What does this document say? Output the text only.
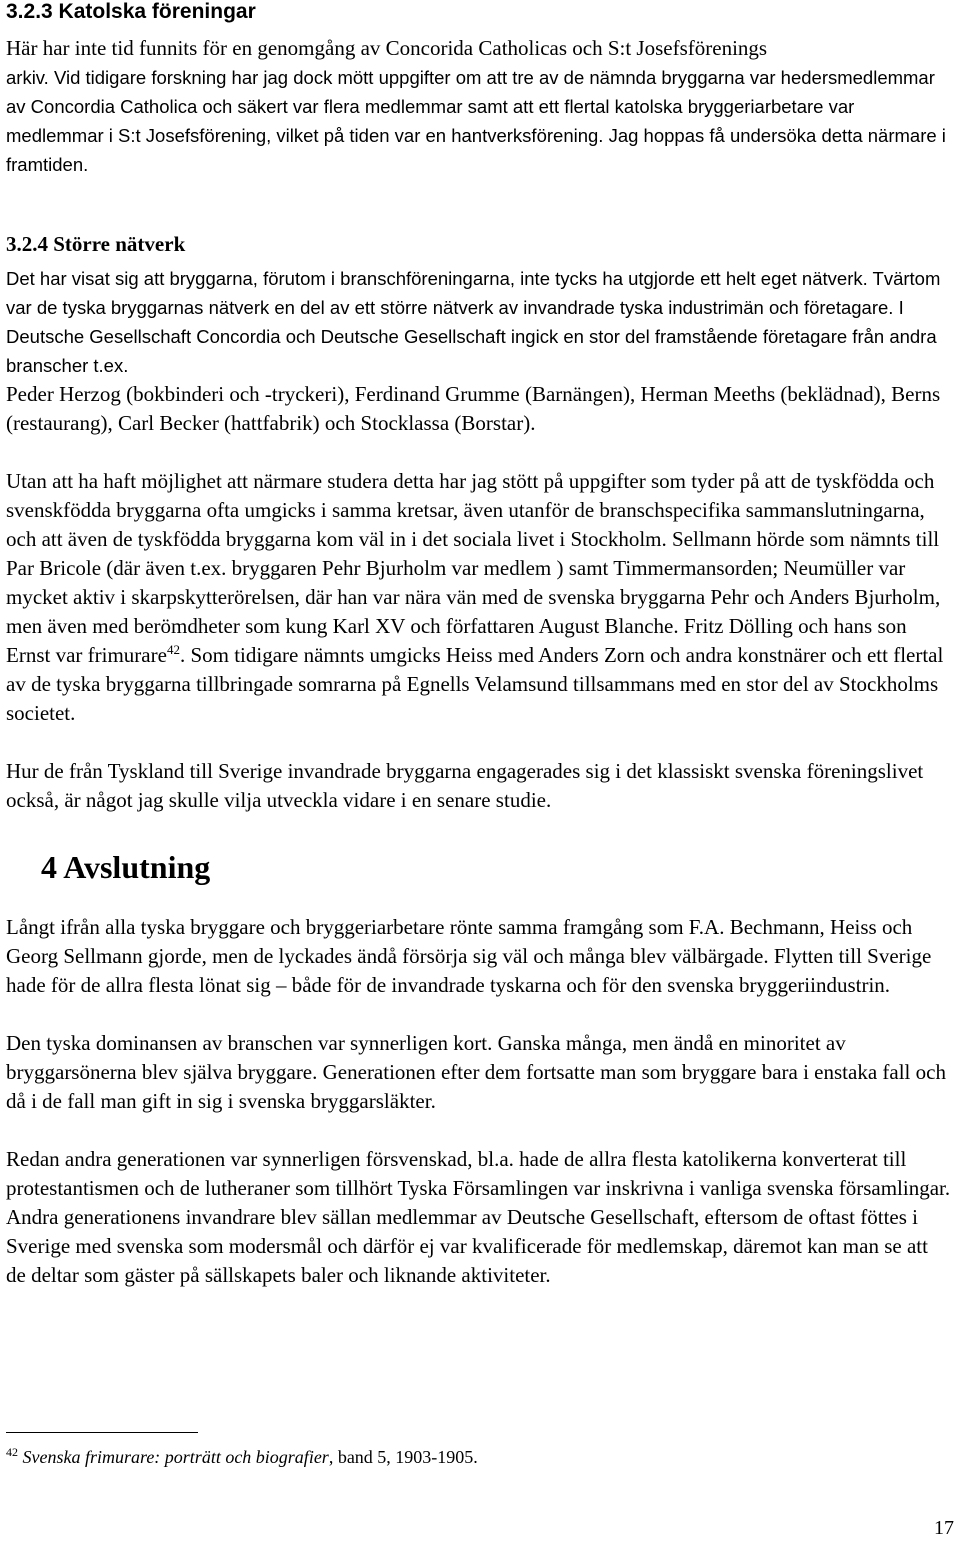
3.2.3 Katolska föreningar

Här har inte tid funnits för en genomgång av Concorida Catholicas och S:t Josefsförenings

arkiv. Vid tidigare forskning har jag dock mött uppgifter om att tre av de nämnda bryggarna var hedersmedlemmar av Concordia Catholica och säkert var flera medlemmar samt att ett flertal katolska bryggeriarbetare var medlemmar i S:t Josefsförening, vilket på tiden var en hantverksförening. Jag hoppas få undersöka detta närmare i framtiden.

3.2.4 Större nätverk

Det har visat sig att bryggarna, förutom i branschföreningarna, inte tycks ha utgjorde ett helt eget nätverk. Tvärtom var de tyska bryggarnas nätverk en del av ett större nätverk av invandrade tyska industrimän och företagare. I Deutsche Gesellschaft Concordia och Deutsche Gesellschaft ingick en stor del framstående företagare från andra branscher t.ex.

Peder Herzog (bokbinderi och -tryckeri), Ferdinand Grumme (Barnängen), Herman Meeths (beklädnad), Berns (restaurang), Carl Becker (hattfabrik) och Stocklassa (Borstar).

Utan att ha haft möjlighet att närmare studera detta har jag stött på uppgifter som tyder på att de tyskfödda och svenskfödda bryggarna ofta umgicks i samma kretsar, även utanför de branschspecifika sammanslutningarna, och att även de tyskfödda bryggarna kom väl in i det sociala livet i Stockholm. Sellmann hörde som nämnts till Par Bricole (där även t.ex. bryggaren Pehr Bjurholm var medlem ) samt Timmermansorden; Neumüller var mycket aktiv i skarpskytterörelsen, där han var nära vän med de svenska bryggarna Pehr och Anders Bjurholm, men även med berömdheter som kung Karl XV och författaren August Blanche. Fritz Dölling och hans son Ernst var frimurare$^{42}$. Som tidigare nämnts umgicks Heiss med Anders Zorn och andra konstnärer och ett flertal av de tyska bryggarna tillbringade somrarna på Egnells Velamsund tillsammans med en stor del av Stockholms societet.

Hur de från Tyskland till Sverige invandrade bryggarna engagerades sig i det klassiskt svenska föreningslivet också, är något jag skulle vilja utveckla vidare i en senare studie.

4 Avslutning

Långt ifrån alla tyska bryggare och bryggeriarbetare rönte samma framgång som F.A. Bechmann, Heiss och Georg Sellmann gjorde, men de lyckades ändå försörja sig väl och många blev välbärgade. Flytten till Sverige hade för de allra flesta lönat sig – både för de invandrade tyskarna och för den svenska bryggeriindustrin.

Den tyska dominansen av branschen var synnerligen kort. Ganska många, men ändå en minoritet av bryggarsönerna blev själva bryggare. Generationen efter dem fortsatte man som bryggare bara i enstaka fall och då i de fall man gift in sig i svenska bryggarsläkter.

Redan andra generationen var synnerligen försvenskad, bl.a. hade de allra flesta katolikerna konverterat till protestantismen och de lutheraner som tillhört Tyska Församlingen var inskrivna i vanliga svenska församlingar. Andra generationens invandrare blev sällan medlemmar av Deutsche Gesellschaft, eftersom de oftast föttes i Sverige med svenska som modersmål och därför ej var kvalificerade för medlemskap, däremot kan man se att de deltar som gäster på sällskapets baler och liknande aktiviteter.

$^{42}$ Svenska frimurare: porträtt och biografier, band 5, 1903-1905.
17
